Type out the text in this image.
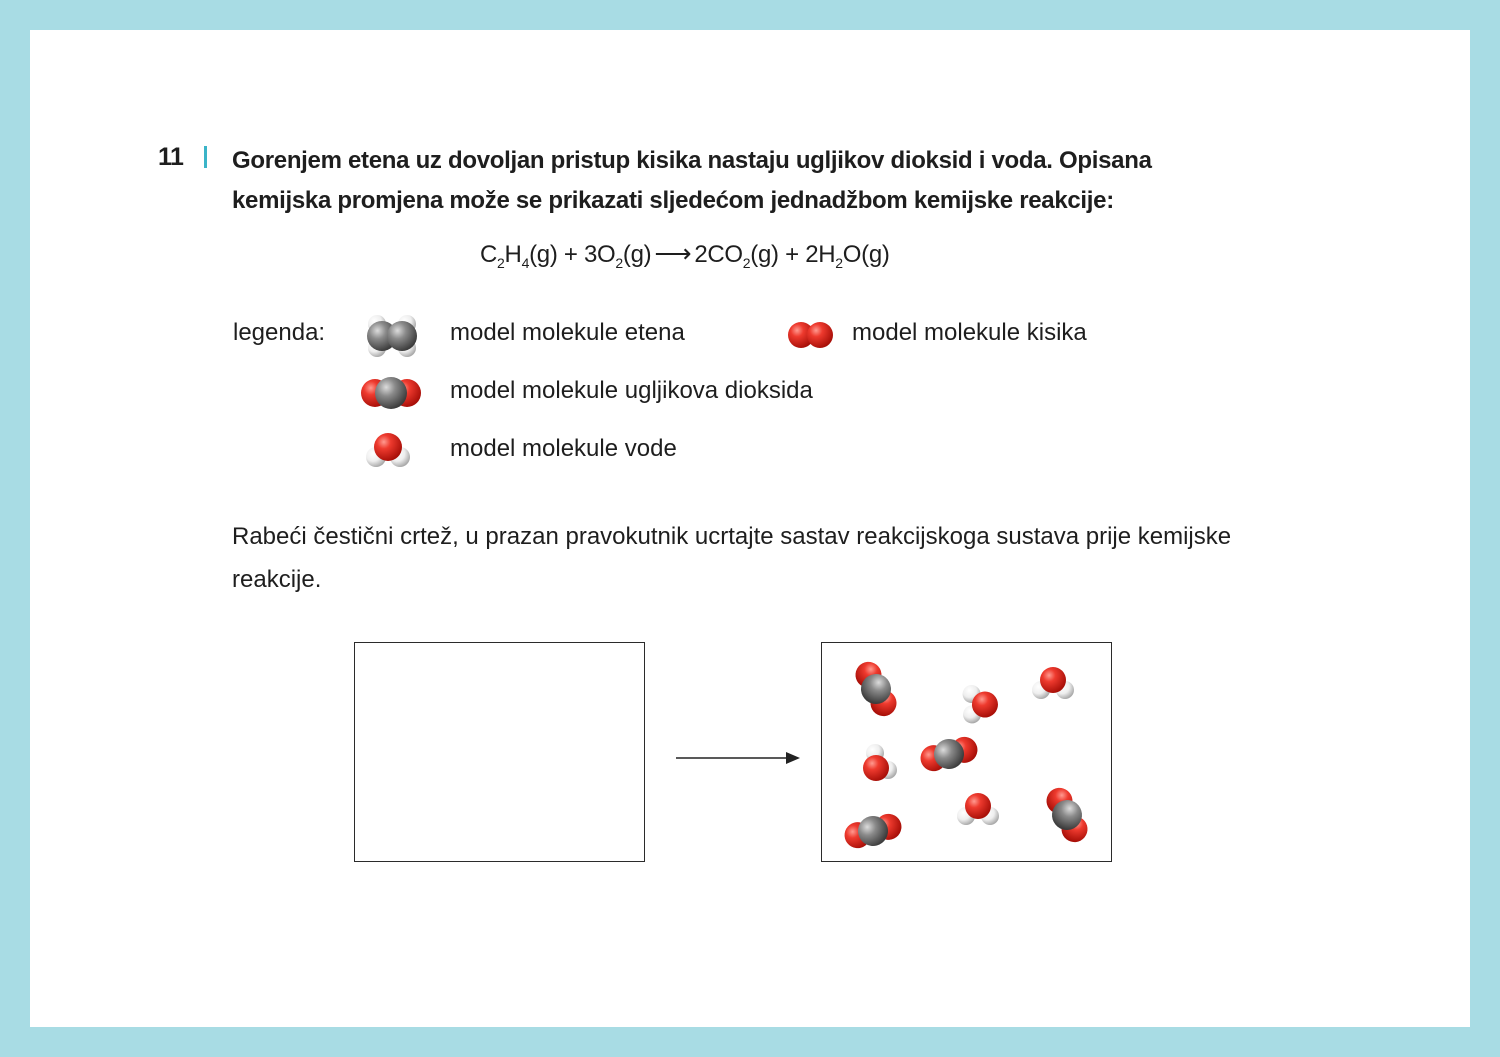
11 Gorenjem etena uz dovoljan pristup kisika nastaju ugljikov dioksid i voda. Opisana kemijska promjena može se prikazati sljedećom jednadžbom kemijske reakcije:
$C_2H_4(g) + 3O_2(g)$ ⟶ $2CO_2(g) + 2H_2O(g)$
legenda:	model molekule etena	model molekule kisika
model molekule ugljikova dioksida
model molekule vode
Rabeći čestični crtež, u prazan pravokutnik ucrtajte sastav reakcijskoga sustava prije kemijske reakcije.
